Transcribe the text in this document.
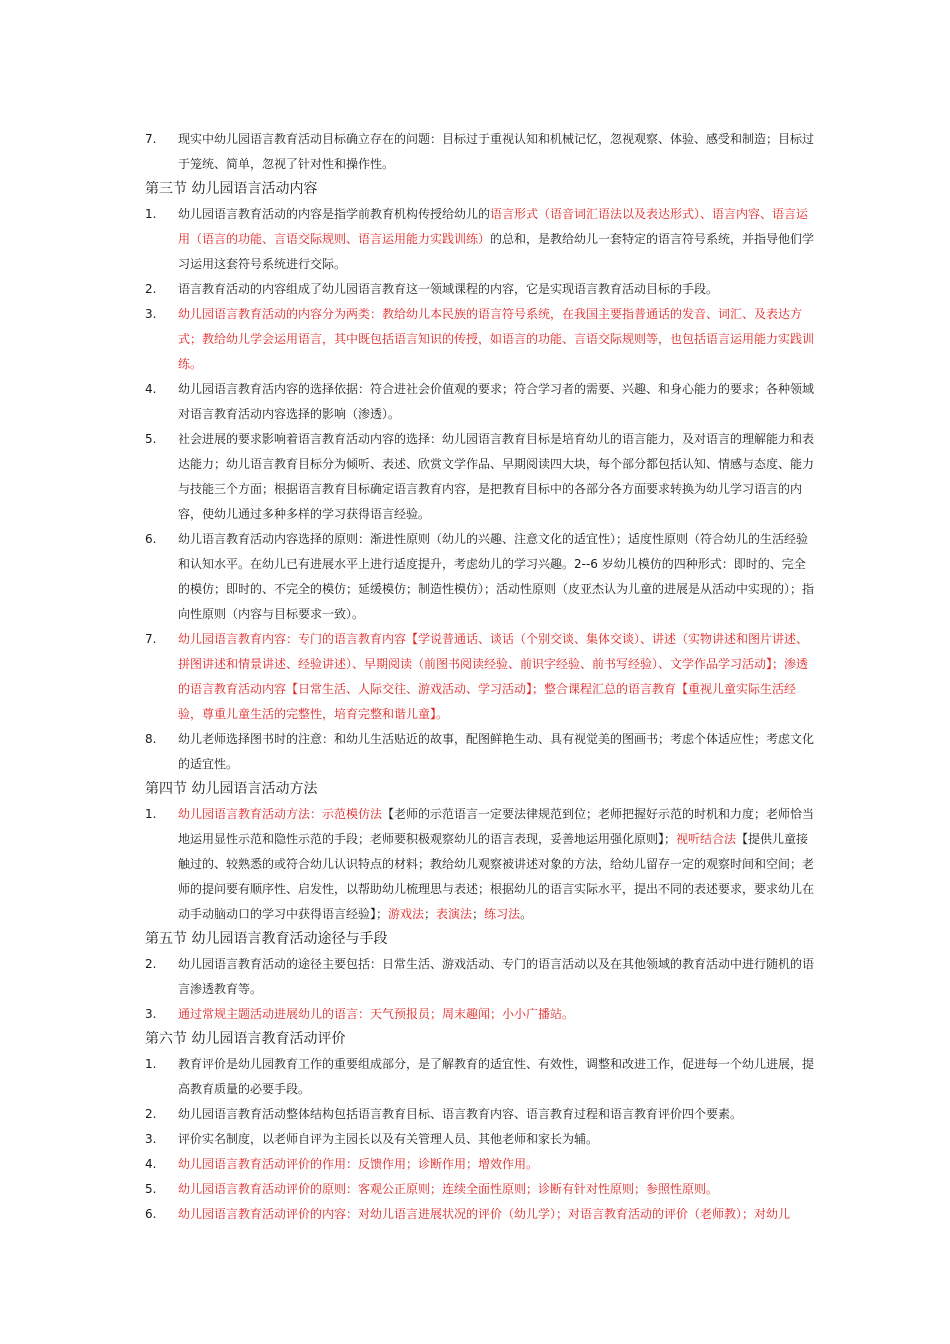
7.	现实中幼儿园语言教育活动目标确立存在的问题：目标过于重视认知和机械记忆，忽视观察、体验、感受和制造；目标过于笼统、简单，忽视了针对性和操作性。
第三节 幼儿园语言活动内容
1.	幼儿园语言教育活动的内容是指学前教育机构传授给幼儿的语言形式（语音词汇语法以及表达形式）、语言内容、语言运用（语言的功能、言语交际规则、语言运用能力实践训练）的总和，是教给幼儿一套特定的语言符号系统，并指导他们学习运用这套符号系统进行交际。
2.	语言教育活动的内容组成了幼儿园语言教育这一领域课程的内容，它是实现语言教育活动目标的手段。
3.	幼儿园语言教育活动的内容分为两类：教给幼儿本民族的语言符号系统，在我国主要指普通话的发音、词汇、及表达方式；教给幼儿学会运用语言，其中既包括语言知识的传授，如语言的功能、言语交际规则等，也包括语言运用能力实践训练。
4.	幼儿园语言教育活内容的选择依据：符合进社会价值观的要求；符合学习者的需要、兴趣、和身心能力的要求；各种领域对语言教育活动内容选择的影响（渗透）。
5.	社会进展的要求影响着语言教育活动内容的选择：幼儿园语言教育目标是培育幼儿的语言能力，及对语言的理解能力和表达能力；幼儿语言教育目标分为倾听、表述、欣赏文学作品、早期阅读四大块，每个部分都包括认知、情感与态度、能力与技能三个方面；根据语言教育目标确定语言教育内容，是把教育目标中的各部分各方面要求转换为幼儿学习语言的内容，使幼儿通过多种多样的学习获得语言经验。
6.	幼儿语言教育活动内容选择的原则：渐进性原则（幼儿的兴趣、注意文化的适宜性）；适度性原则（符合幼儿的生活经验和认知水平。在幼儿已有进展水平上进行适度提升，考虑幼儿的学习兴趣。2--6 岁幼儿模仿的四种形式：即时的、完全的模仿；即时的、不完全的模仿；延缓模仿；制造性模仿）；活动性原则（皮亚杰认为儿童的进展是从活动中实现的）；指向性原则（内容与目标要求一致）。
7.	幼儿园语言教育内容：专门的语言教育内容【学说普通话、谈话（个别交谈、集体交谈）、讲述（实物讲述和图片讲述、拼图讲述和情景讲述、经验讲述）、早期阅读（前图书阅读经验、前识字经验、前书写经验）、文学作品学习活动】；渗透的语言教育活动内容【日常生活、人际交往、游戏活动、学习活动】；整合课程汇总的语言教育【重视儿童实际生活经验，尊重儿童生活的完整性，培育完整和谐儿童】。
8.	幼儿老师选择图书时的注意：和幼儿生活贴近的故事，配图鲜艳生动、具有视觉美的图画书；考虑个体适应性；考虑文化的适宜性。
第四节 幼儿园语言活动方法
1.	幼儿园语言教育活动方法：示范模仿法【老师的示范语言一定要法律规范到位；老师把握好示范的时机和力度；老师恰当地运用显性示范和隐性示范的手段；老师要积极观察幼儿的语言表现，妥善地运用强化原则】；视听结合法【提供儿童接触过的、较熟悉的或符合幼儿认识特点的材料；教给幼儿观察被讲述对象的方法，给幼儿留存一定的观察时间和空间；老师的提问要有顺序性、启发性，以帮助幼儿梳理思与表述；根据幼儿的语言实际水平，提出不同的表述要求，要求幼儿在动手动脑动口的学习中获得语言经验】；游戏法；表演法；练习法。
第五节 幼儿园语言教育活动途径与手段
2.	幼儿园语言教育活动的途径主要包括：日常生活、游戏活动、专门的语言活动以及在其他领域的教育活动中进行随机的语言渗透教育等。
3.	通过常规主题活动进展幼儿的语言：天气预报员；周末趣闻；小小广播站。
第六节 幼儿园语言教育活动评价
1.	教育评价是幼儿园教育工作的重要组成部分，是了解教育的适宜性、有效性，调整和改进工作，促进每一个幼儿进展，提高教育质量的必要手段。
2.	幼儿园语言教育活动整体结构包括语言教育目标、语言教育内容、语言教育过程和语言教育评价四个要素。
3.	评价实名制度，以老师自评为主园长以及有关管理人员、其他老师和家长为辅。
4.	幼儿园语言教育活动评价的作用：反馈作用；诊断作用；增效作用。
5.	幼儿园语言教育活动评价的原则：客观公正原则；连续全面性原则；诊断有针对性原则；参照性原则。
6.	幼儿园语言教育活动评价的内容：对幼儿语言进展状况的评价（幼儿学）；对语言教育活动的评价（老师教）；对幼儿
